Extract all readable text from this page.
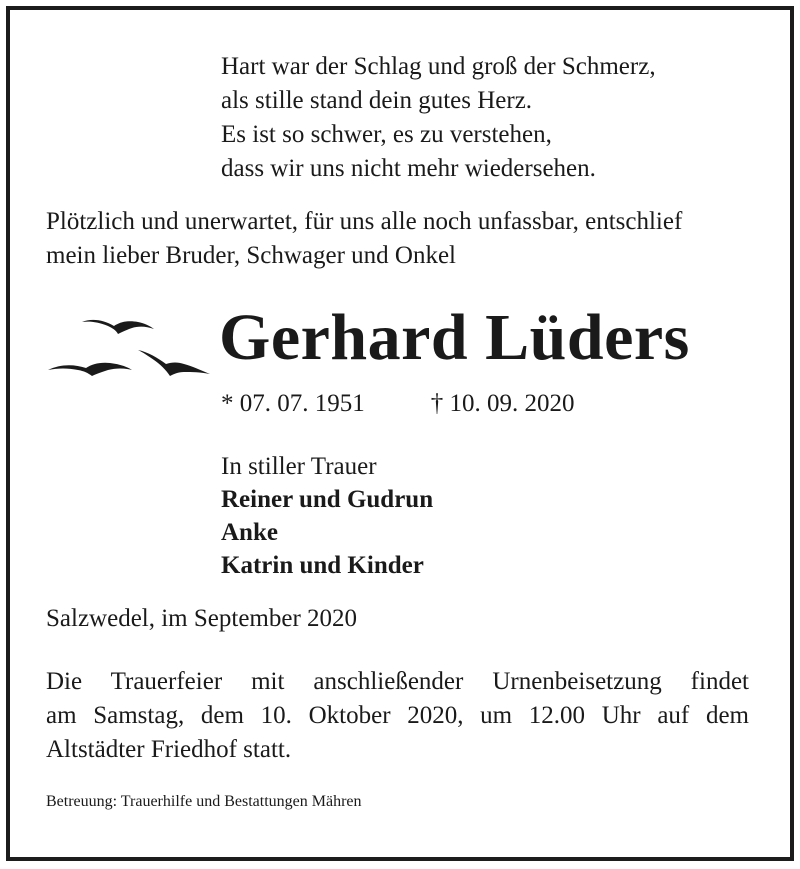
Hart war der Schlag und groß der Schmerz,
als stille stand dein gutes Herz.
Es ist so schwer, es zu verstehen,
dass wir uns nicht mehr wiedersehen.
Plötzlich und unerwartet, für uns alle noch unfassbar, entschlief
mein lieber Bruder, Schwager und Onkel
Gerhard Lüders
* 07. 07. 1951	† 10. 09. 2020
In stiller Trauer
Reiner und Gudrun
Anke
Katrin und Kinder
Salzwedel, im September 2020
Die Trauerfeier mit anschließender Urnenbeisetzung findet
am Samstag, dem 10. Oktober 2020, um 12.00 Uhr auf dem
Altstädter Friedhof statt.
Betreuung: Trauerhilfe und Bestattungen Mähren
